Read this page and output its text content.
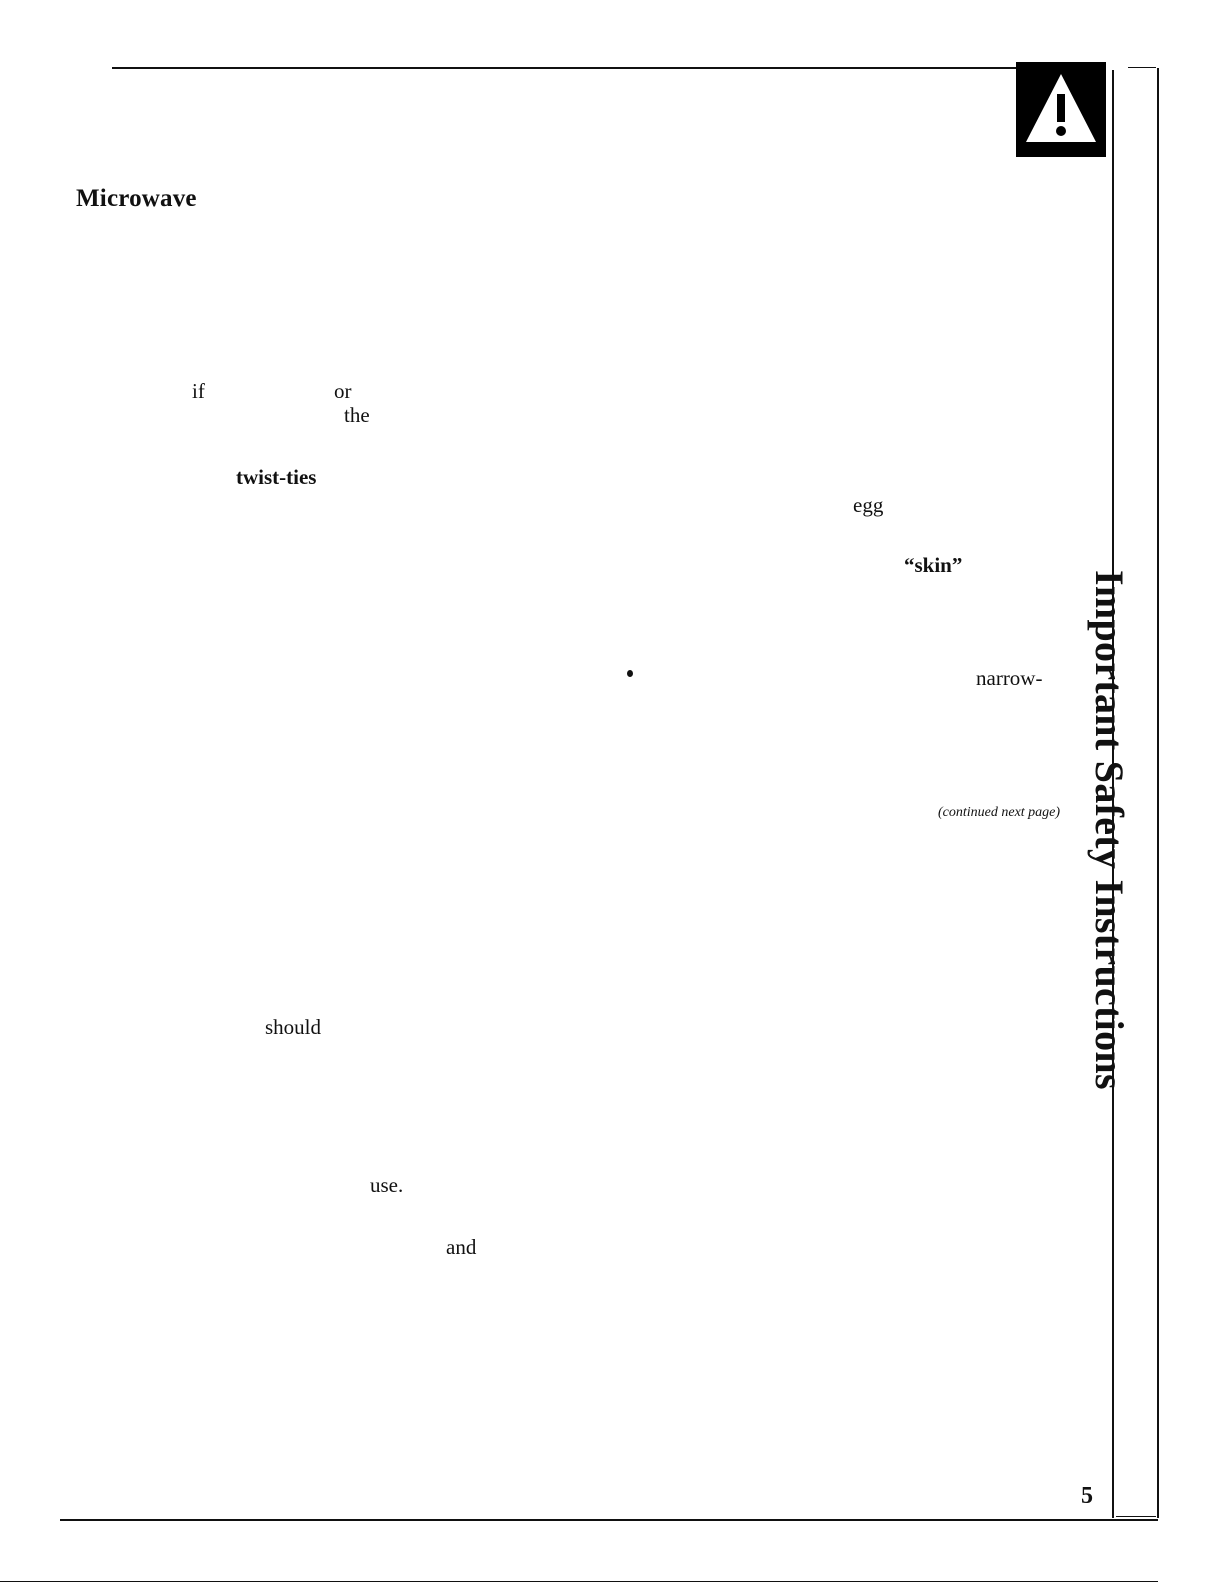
Microwave
if	or
the
twist-ties
egg
“skin”
narrow-
(continued next page)
should
use.
and
Important Safety Instructions
5
